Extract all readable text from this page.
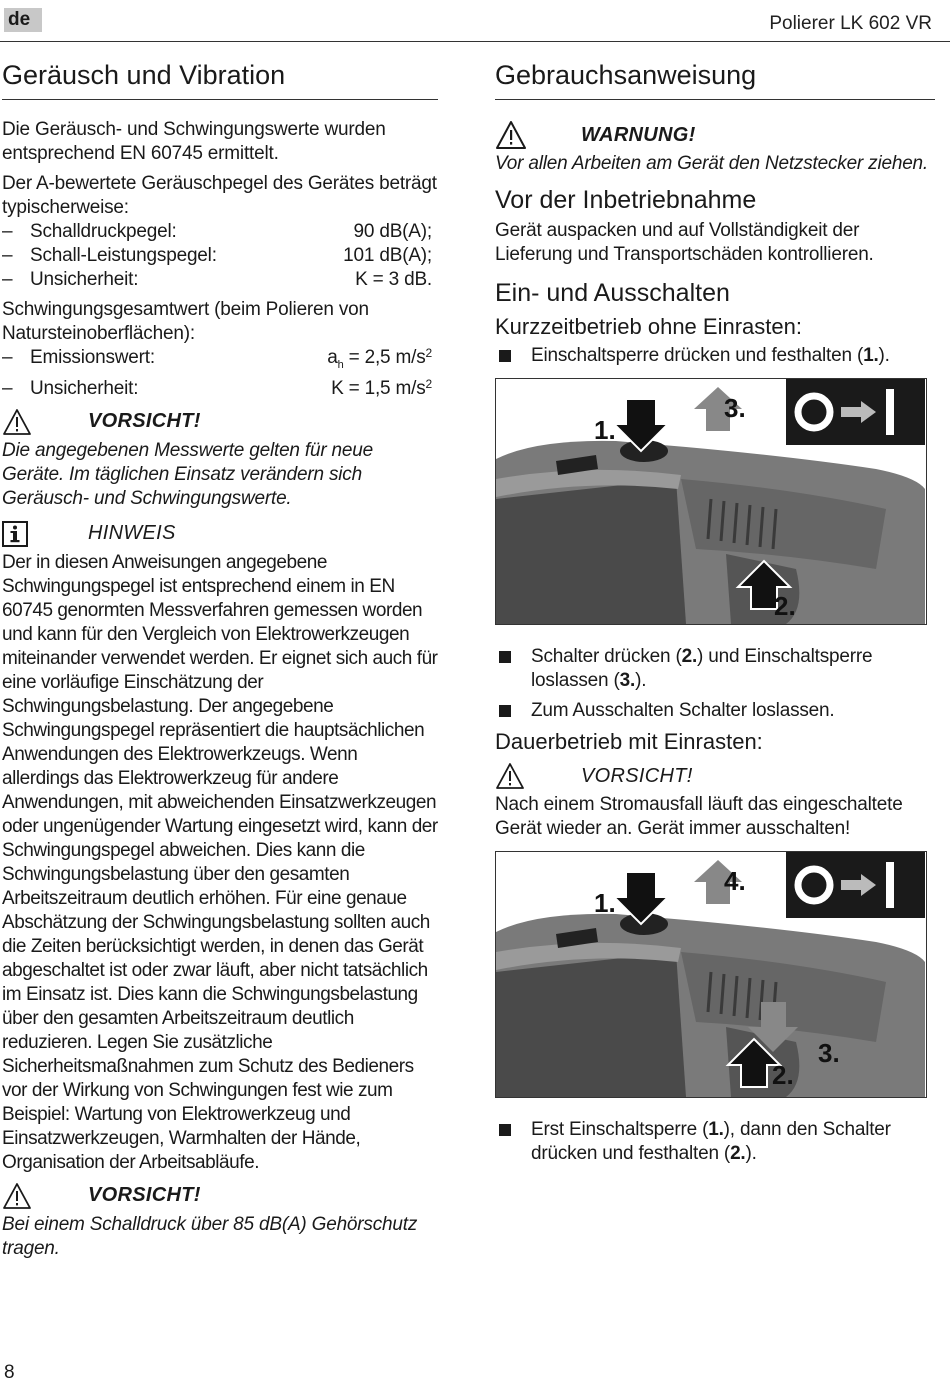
de	Polierer LK 602 VR
Geräusch und Vibration

Die Geräusch- und Schwingungswerte wurden entsprechend EN 60745 ermittelt.

Der A-bewertete Geräuschpegel des Gerätes beträgt typischerweise:

– Schalldruckpegel:	90 dB(A);
– Schall-Leistungspegel:	101 dB(A);
– Unsicherheit:	K = 3 dB.

Schwingungsgesamtwert (beim Polieren von Natursteinoberflächen):

– Emissionswert:	$a_h = 2,5$ $m/s^2$
– Unsicherheit:	K = 1,5 $m/s^2$
VORSICHT!

Die angegebenen Messwerte gelten für neue Geräte. Im täglichen Einsatz verändern sich Geräusch- und Schwingungswerte.

HINWEIS

Der in diesen Anweisungen angegebene Schwingungspegel ist entsprechend einem in EN 60745 genormten Messverfahren gemessen worden und kann für den Vergleich von Elektrowerkzeugen miteinander verwendet werden. Er eignet sich auch für eine vorläufige Einschätzung der Schwingungsbelastung. Der angegebene Schwingungspegel repräsentiert die hauptsächlichen Anwendungen des Elektrowerkzeugs. Wenn allerdings das Elektrowerkzeug für andere Anwendungen, mit abweichenden Einsatzwerkzeugen oder ungenügender Wartung eingesetzt wird, kann der Schwingungspegel abweichen. Dies kann die Schwingungsbelastung über den gesamten Arbeitszeitraum deutlich erhöhen. Für eine genaue Abschätzung der Schwingungsbelastung sollten auch die Zeiten berücksichtigt werden, in denen das Gerät abgeschaltet ist oder zwar läuft, aber nicht tatsächlich im Einsatz ist. Dies kann die Schwingungsbelastung über den gesamten Arbeitszeitraum deutlich reduzieren. Legen Sie zusätzliche Sicherheitsmaßnahmen zum Schutz des Bedieners vor der Wirkung von Schwingungen fest wie zum Beispiel: Wartung von Elektrowerkzeug und Einsatzwerkzeugen, Warmhalten der Hände, Organisation der Arbeitsabläufe.

VORSICHT!

Bei einem Schalldruck über 85 dB(A) Gehörschutz tragen.

Gebrauchsanweisung
WARNUNG!

Vor allen Arbeiten am Gerät den Netzstecker ziehen.

Vor der Inbetriebnahme

Gerät auspacken und auf Vollständigkeit der Lieferung und Transportschäden kontrollieren.

Ein- und Ausschalten
Kurzzeitbetrieb ohne Einrasten:
Einschaltsperre drücken und festhalten (1.).
1.
3.
2.
Schalter drücken (2.) und Einschaltsperre loslassen (3.).
Zum Ausschalten Schalter loslassen.
Dauerbetrieb mit Einrasten:
VORSICHT!

Nach einem Stromausfall läuft das eingeschaltete Gerät wieder an. Gerät immer ausschalten!

1.
4.
3.
2.
Erst Einschaltsperre (1.), dann den Schalter drücken und festhalten (2.).
8
